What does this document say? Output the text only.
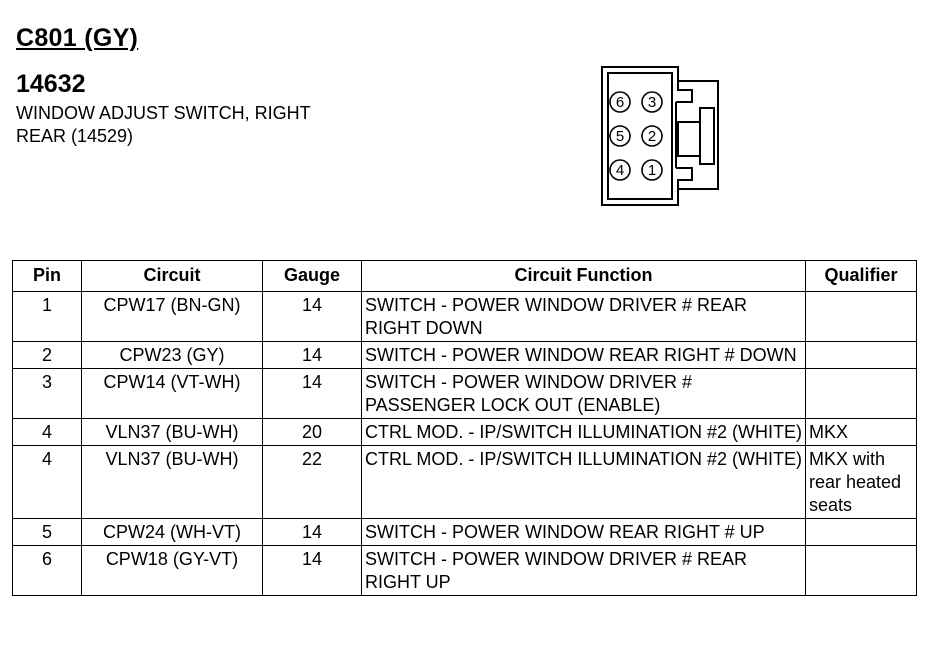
C801 (GY)
14632
WINDOW ADJUST SWITCH, RIGHT REAR (14529)
6 3
5 2
4 1
Pin	Circuit	Gauge	Circuit Function	Qualifier
1	CPW17 (BN-GN)	14	SWITCH - POWER WINDOW DRIVER # REAR RIGHT DOWN	
2	CPW23 (GY)	14	SWITCH - POWER WINDOW REAR RIGHT # DOWN	
3	CPW14 (VT-WH)	14	SWITCH - POWER WINDOW DRIVER # PASSENGER LOCK OUT (ENABLE)	
4	VLN37 (BU-WH)	20	CTRL MOD. - IP/SWITCH ILLUMINATION #2 (WHITE)	MKX
4	VLN37 (BU-WH)	22	CTRL MOD. - IP/SWITCH ILLUMINATION #2 (WHITE)	MKX with rear heated seats
5	CPW24 (WH-VT)	14	SWITCH - POWER WINDOW REAR RIGHT # UP	
6	CPW18 (GY-VT)	14	SWITCH - POWER WINDOW DRIVER # REAR RIGHT UP	
